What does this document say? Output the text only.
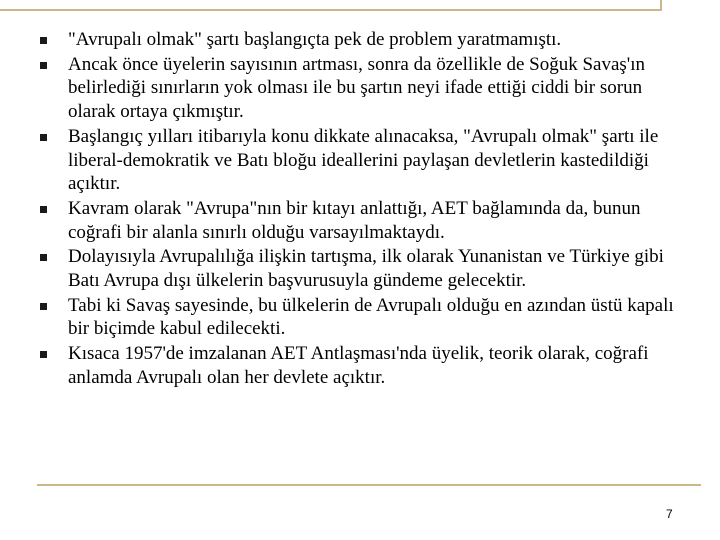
"Avrupalı olmak" şartı başlangıçta pek de problem yaratmamıştı.
Ancak önce üyelerin sayısının artması, sonra da özellikle de Soğuk Savaş'ın belirlediği sınırların yok olması ile bu şartın neyi ifade ettiği ciddi bir sorun olarak ortaya çıkmıştır.
Başlangıç yılları itibarıyla konu dikkate alınacaksa, "Avrupalı olmak" şartı ile liberal-demokratik ve Batı bloğu ideallerini paylaşan devletlerin kastedildiği açıktır.
Kavram olarak "Avrupa"nın bir kıtayı anlattığı, AET bağlamında da, bunun coğrafi bir alanla sınırlı olduğu varsayılmaktaydı.
Dolayısıyla Avrupalılığa ilişkin tartışma, ilk olarak Yunanistan ve Türkiye gibi Batı Avrupa dışı ülkelerin başvurusuyla gündeme gelecektir.
Tabi ki Savaş sayesinde, bu ülkelerin de Avrupalı olduğu en azından üstü kapalı bir biçimde kabul edilecekti.
Kısaca 1957'de imzalanan AET Antlaşması'nda üyelik, teorik olarak, coğrafi anlamda Avrupalı olan her devlete açıktır.
7
